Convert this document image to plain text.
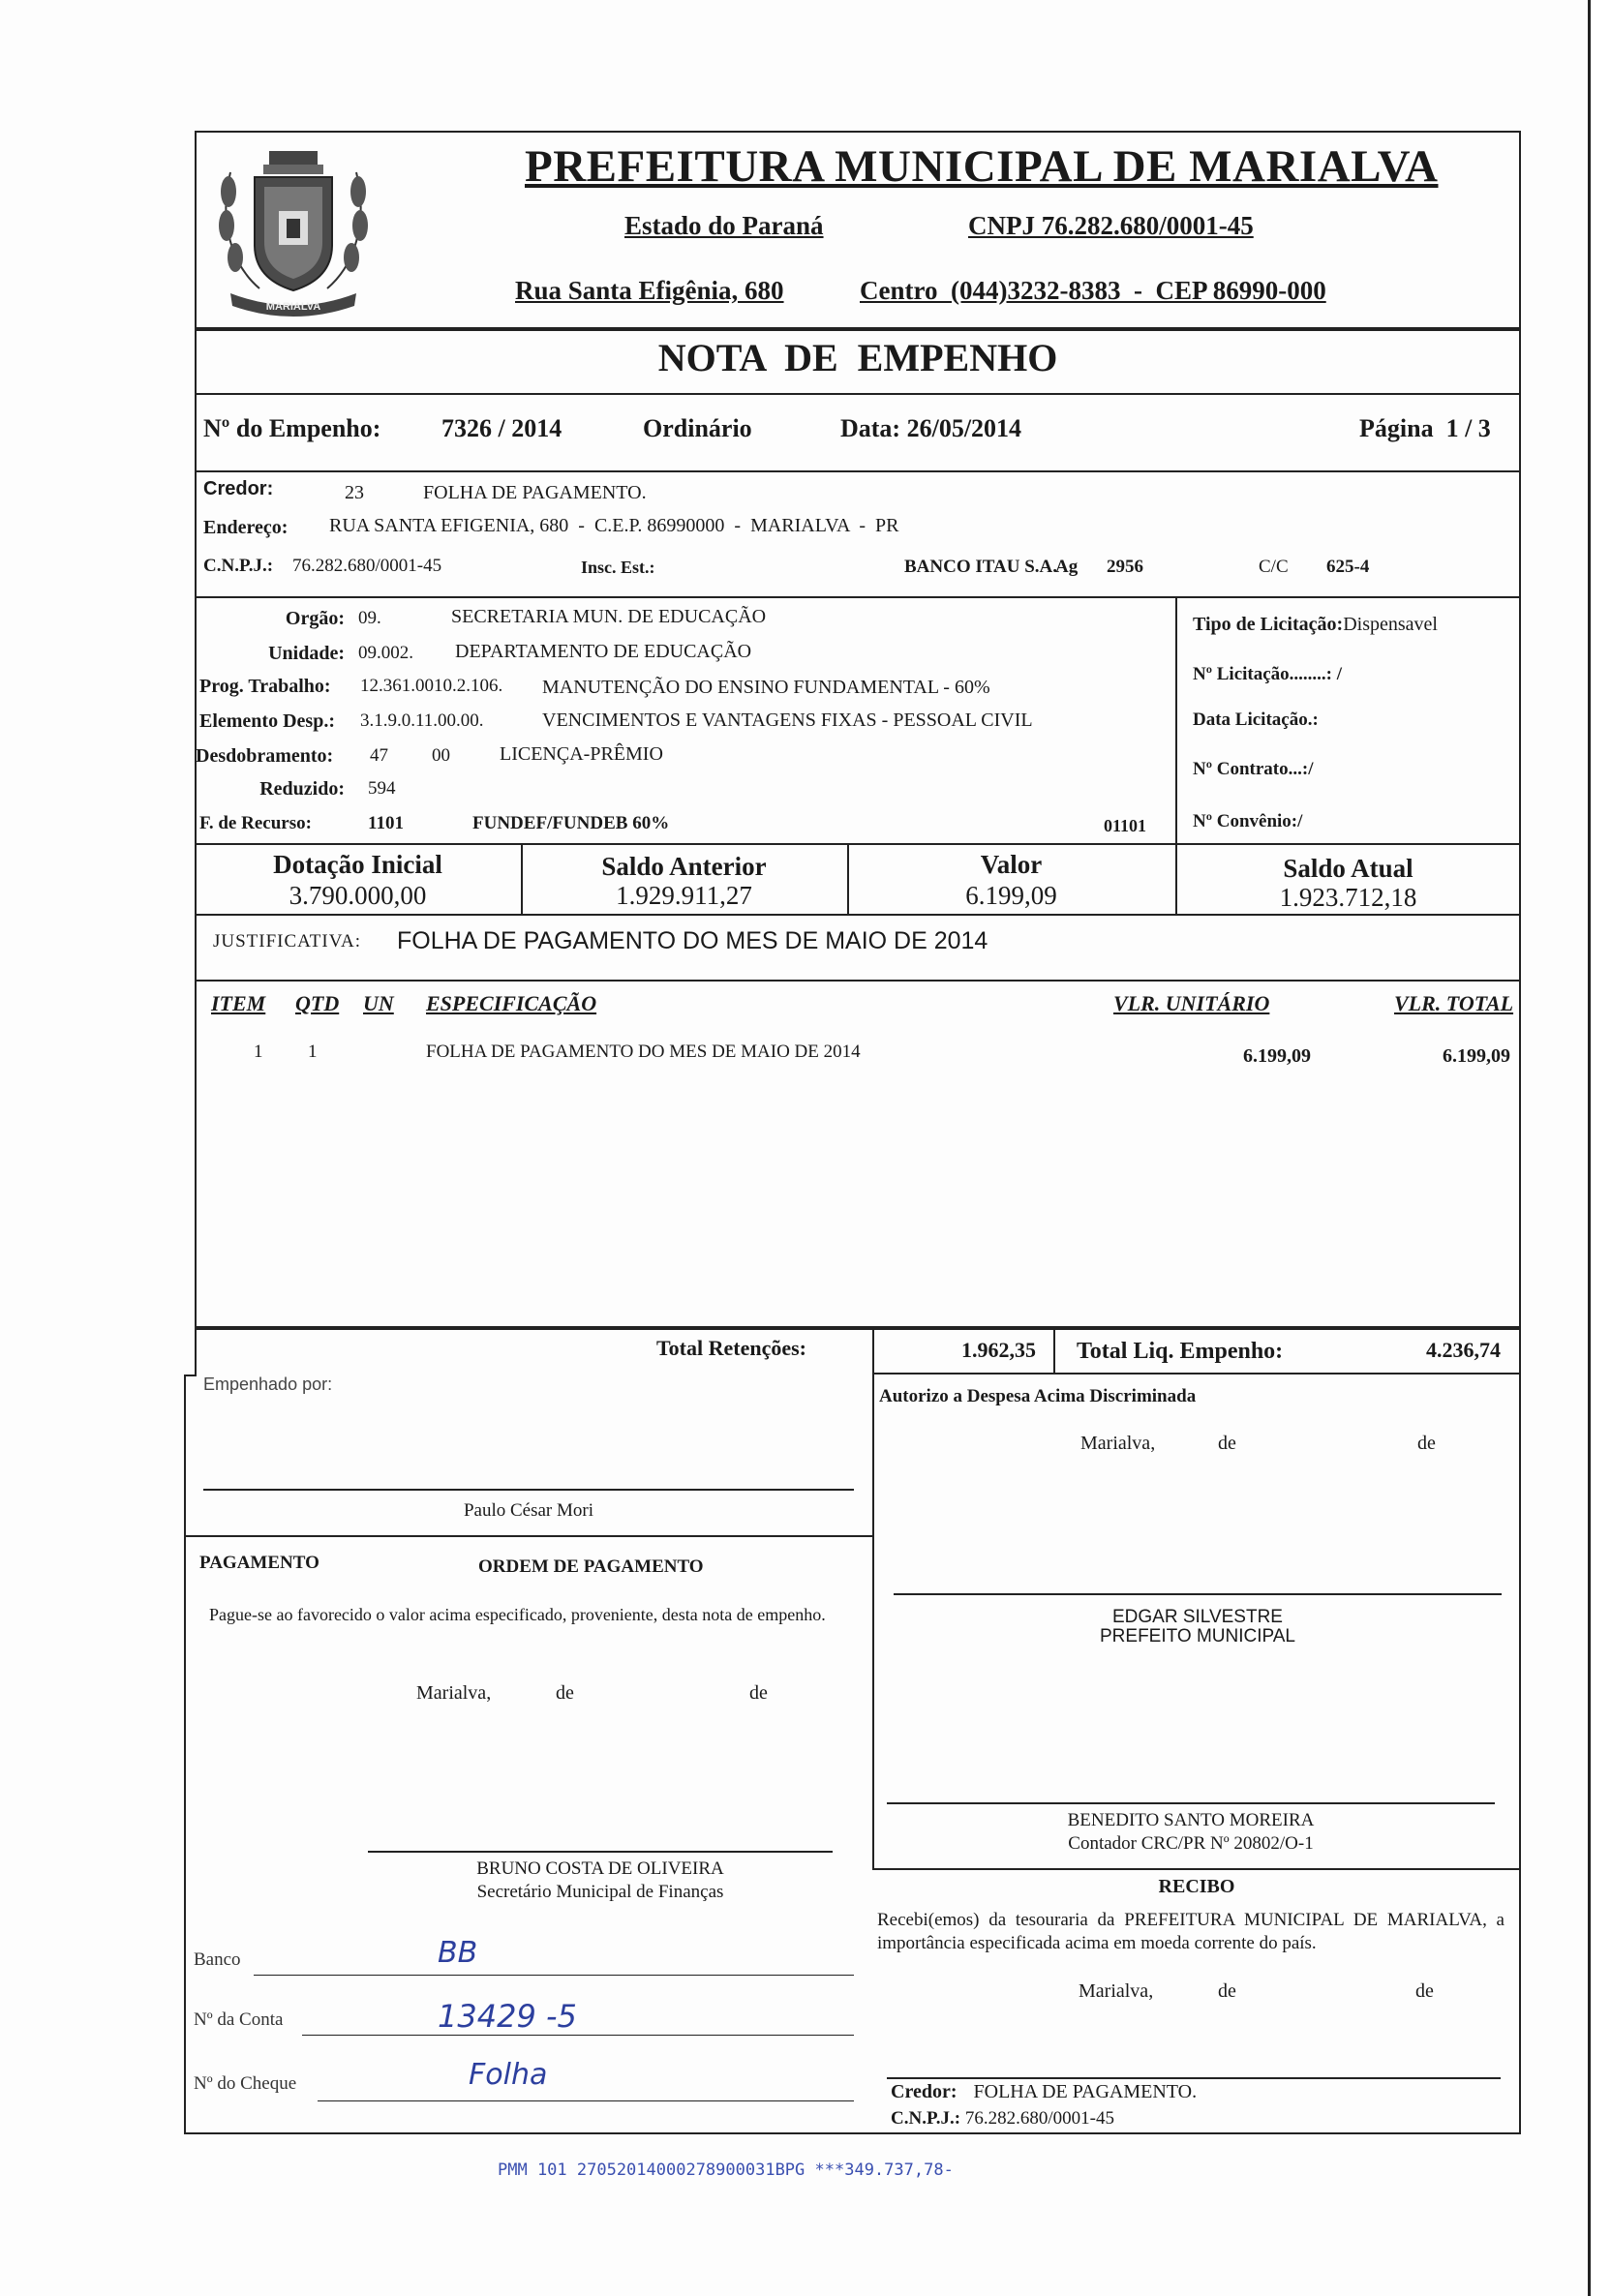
MARIALVA
PREFEITURA MUNICIPAL DE MARIALVA
Estado do Paraná	CNPJ 76.282.680/0001-45
Rua Santa Efigênia, 680	Centro  (044)3232-8383  -  CEP 86990-000
NOTA  DE  EMPENHO
Nº do Empenho: 7326 / 2014	Ordinário	Data: 26/05/2014	Página  1 / 3
Credor:	23	FOLHA DE PAGAMENTO.
Endereço: RUA SANTA EFIGENIA, 680  -  C.E.P. 86990000  -  MARIALVA  -  PR
C.N.P.J.: 76.282.680/0001-45	Insc. Est.:	BANCO ITAU S.A.
Ag 2956	C/C 625-4
Orgão: 09.	SECRETARIA MUN. DE EDUCAÇÃO
Unidade: 09.002. DEPARTAMENTO DE EDUCAÇÃO
Prog. Trabalho: 12.361.0010.2.106. MANUTENÇÃO DO ENSINO FUNDAMENTAL - 60%
Elemento Desp.: 3.1.9.0.11.00.00.	VENCIMENTOS E VANTAGENS FIXAS - PESSOAL CIVIL
Desdobramento: 47 00	LICENÇA-PRÊMIO
Reduzido: 594
F. de Recurso:	1101	FUNDEF/FUNDEB 60%	01101
Tipo de Licitação:Dispensavel
Nº Licitação........: /
Data Licitação.:
Nº Contrato...:/
Nº Convênio:/
Dotação Inicial
3.790.000,00
Saldo Anterior
1.929.911,27
Valor
6.199,09
Saldo Atual
1.923.712,18
JUSTIFICATIVA: FOLHA DE PAGAMENTO DO MES DE MAIO DE 2014
ITEM QTD UN ESPECIFICAÇÃO	VLR. UNITÁRIO	VLR. TOTAL
1 1	FOLHA DE PAGAMENTO DO MES DE MAIO DE 2014	6.199,09	6.199,09
Total Retenções:	1.962,35 Total Liq. Empenho:	4.236,74
Empenhado por:
Paulo César Mori
Autorizo a Despesa Acima Discriminada
Marialva,	de	de
PAGAMENTO	ORDEM DE PAGAMENTO
Pague-se ao favorecido o valor acima especificado, proveniente, desta nota de empenho.
Marialva,	de	de
EDGAR SILVESTRE
PREFEITO MUNICIPAL
BENEDITO SANTO MOREIRA
Contador CRC/PR Nº 20802/O-1
BRUNO COSTA DE OLIVEIRA
Secretário Municipal de Finanças	RECIBO
Recebi(emos) da tesouraria da PREFEITURA MUNICIPAL DE MARIALVA, a importância especificada acima em moeda corrente do país.
Marialva,	de	de
Credor: FOLHA DE PAGAMENTO.
C.N.P.J.: 76.282.680/0001-45
Banco	BB
Nº da Conta	13429 -5
Nº do Cheque	Folha
PMM 101 27052014000278900031BPG ***349.737,78-
